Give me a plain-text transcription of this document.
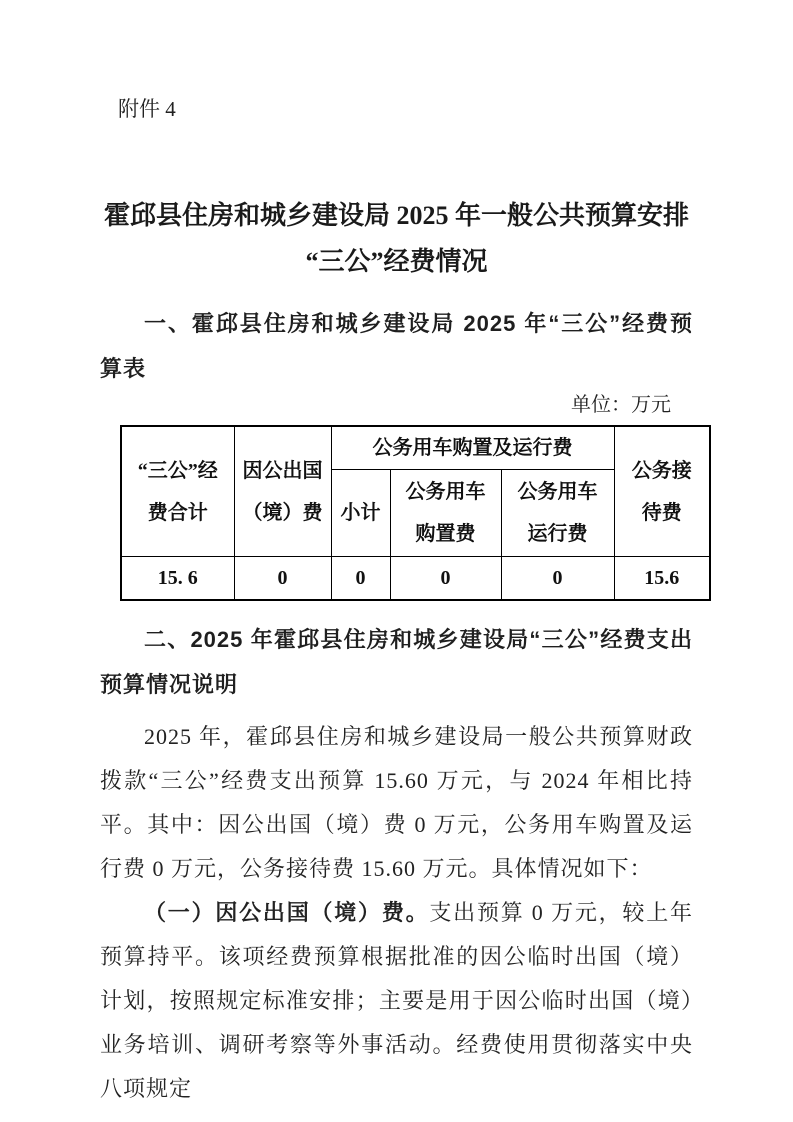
附件 4
霍邱县住房和城乡建设局 2025 年一般公共预算安排
“三公”经费情况
一、霍邱县住房和城乡建设局 2025 年“三公”经费预算表
单位：万元
“三公”经费合计	因公出国（境）费	公务用车购置及运行费			公务接待费
		小计	公务用车购置费	公务用车运行费	
15. 6	0	0	0	0	15.6
二、2025 年霍邱县住房和城乡建设局“三公”经费支出预算情况说明

2025 年，霍邱县住房和城乡建设局一般公共预算财政拨款“三公”经费支出预算 15.60 万元，与 2024 年相比持平。其中：因公出国（境）费 0 万元，公务用车购置及运行费 0 万元，公务接待费 15.60 万元。具体情况如下：

（一）因公出国（境）费。支出预算 0 万元，较上年预算持平。该项经费预算根据批准的因公临时出国（境）计划，按照规定标准安排；主要是用于因公临时出国（境）业务培训、调研考察等外事活动。经费使用贯彻落实中央八项规定
